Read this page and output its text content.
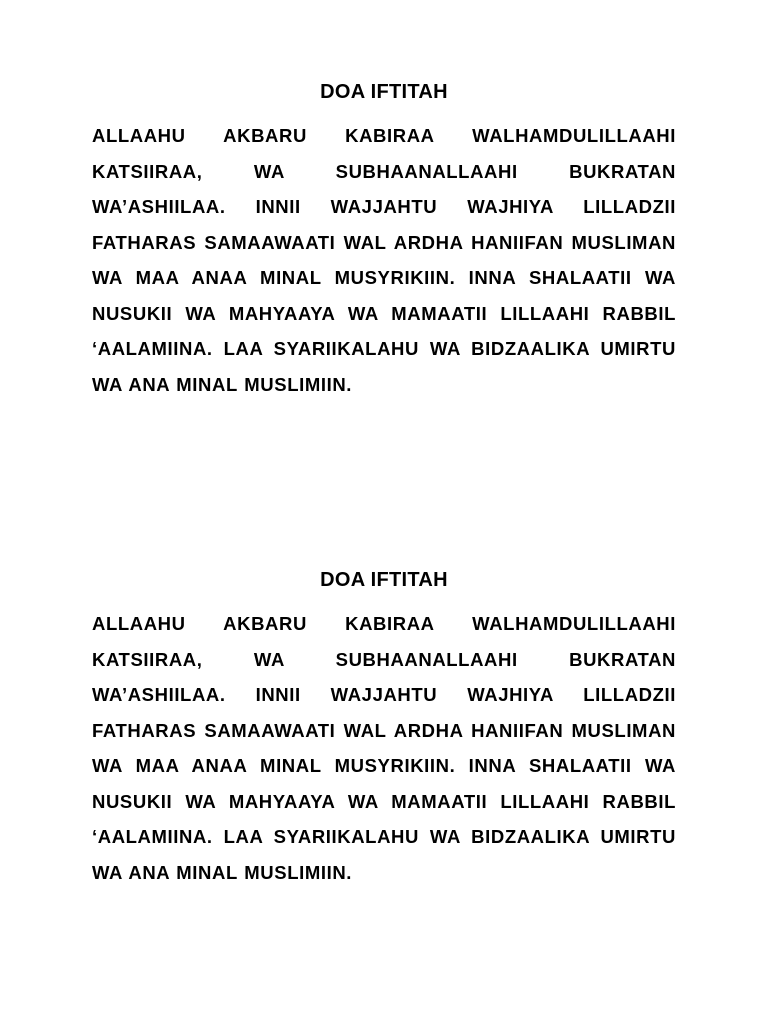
DOA IFTITAH

ALLAAHU AKBARU KABIRAA WALHAMDULILLAAHI KATSIIRAA, WA SUBHAANALLAAHI BUKRATAN WA’ASHIILAA. INNII WAJJAHTU WAJHIYA LILLADZII FATHARAS SAMAAWAATI WAL ARDHA HANIIFAN MUSLIMAN WA MAA ANAA MINAL MUSYRIKIIN. INNA SHALAATII WA NUSUKII WA MAHYAAYA WA MAMAATII LILLAAHI RABBIL ‘AALAMIINA. LAA SYARIIKALAHU WA BIDZAALIKA UMIRTU WA ANA MINAL MUSLIMIIN.

DOA IFTITAH

ALLAAHU AKBARU KABIRAA WALHAMDULILLAAHI KATSIIRAA, WA SUBHAANALLAAHI BUKRATAN WA’ASHIILAA. INNII WAJJAHTU WAJHIYA LILLADZII FATHARAS SAMAAWAATI WAL ARDHA HANIIFAN MUSLIMAN WA MAA ANAA MINAL MUSYRIKIIN. INNA SHALAATII WA NUSUKII WA MAHYAAYA WA MAMAATII LILLAAHI RABBIL ‘AALAMIINA. LAA SYARIIKALAHU WA BIDZAALIKA UMIRTU WA ANA MINAL MUSLIMIIN.
